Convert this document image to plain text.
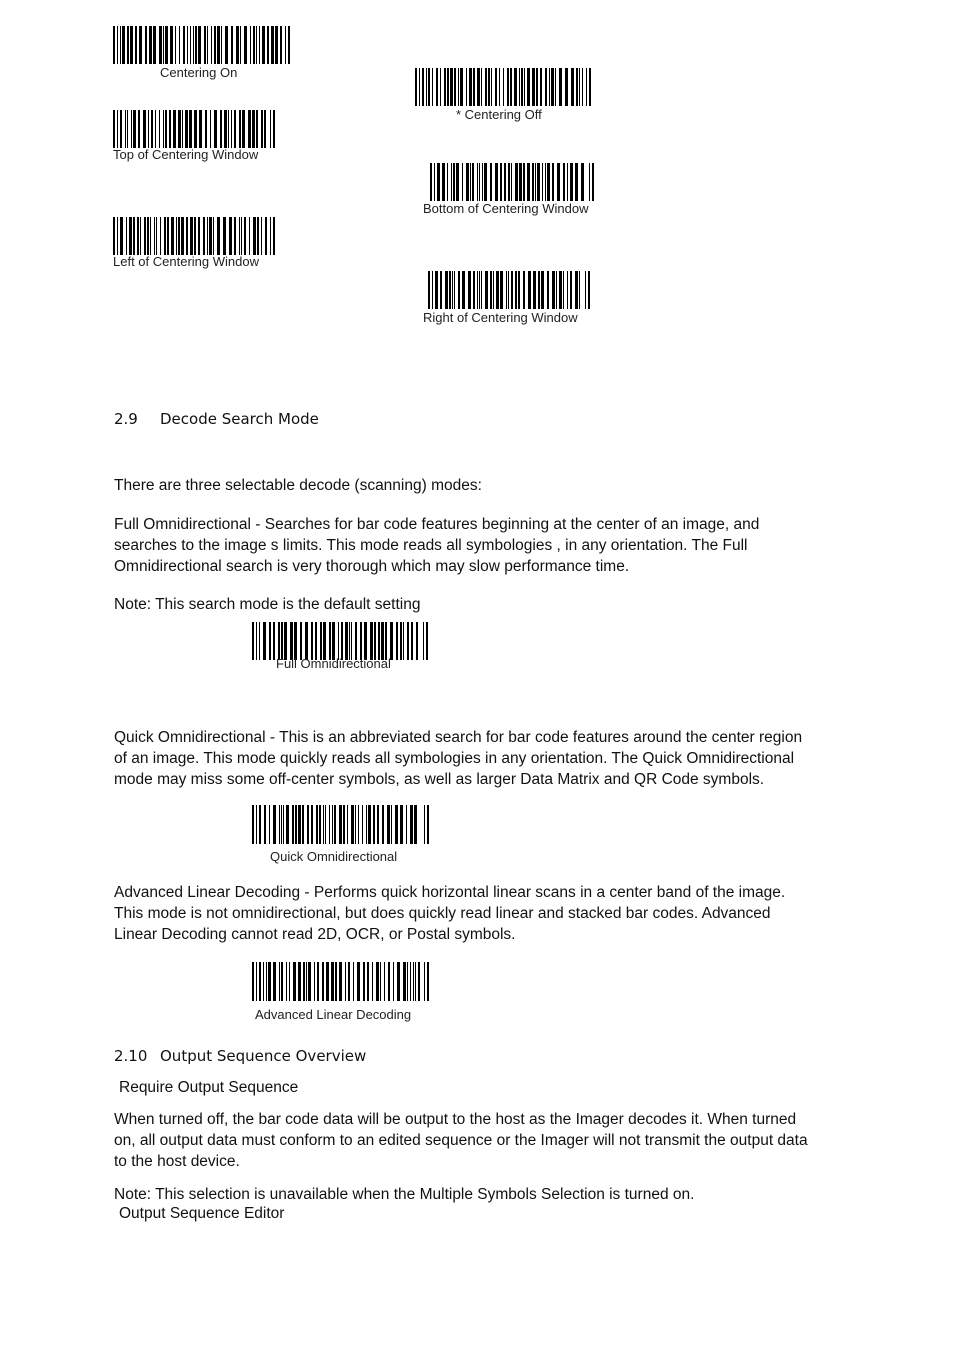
Centering On
* Centering Off
Top of Centering Window
Bottom of Centering Window
Left of Centering Window
Right of Centering Window
2.9 Decode Search Mode

There are three selectable decode (scanning) modes:

Full Omnidirectional - Searches for bar code features beginning at the center of an image, and
searches to the image s limits. This mode reads all symbologies , in any orientation. The Full
Omnidirectional search is very thorough which may slow performance time.

Note: This search mode is the default setting

Full Omnidirectional

Quick Omnidirectional - This is an abbreviated search for bar code features around the center region
of an image. This mode quickly reads all symbologies in any orientation. The Quick Omnidirectional
mode may miss some off-center symbols, as well as larger Data Matrix and QR Code symbols.

Quick Omnidirectional

Advanced Linear Decoding - Performs quick horizontal linear scans in a center band of the image.
This mode is not omnidirectional, but does quickly read linear and stacked bar codes. Advanced
Linear Decoding cannot read 2D, OCR, or Postal symbols.

Advanced Linear Decoding
2.10 Output Sequence Overview
Require Output Sequence

When turned off, the bar code data will be output to the host as the Imager decodes it. When turned
on, all output data must conform to an edited sequence or the Imager will not transmit the output data
to the host device.

Note: This selection is unavailable when the Multiple Symbols Selection is turned on.

Output Sequence Editor
